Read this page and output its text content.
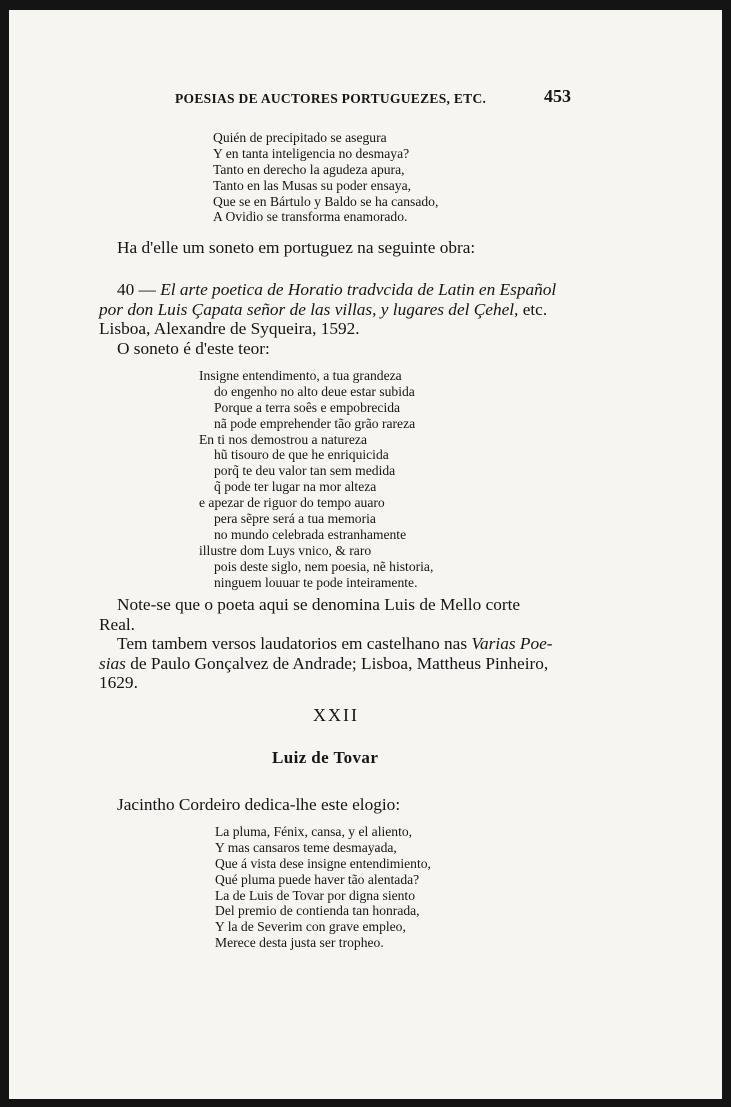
POESIAS DE AUCTORES PORTUGUEZES, ETC.	453
Quién de precipitado se asegura
Y en tanta inteligencia no desmaya?
Tanto en derecho la agudeza apura,
Tanto en las Musas su poder ensaya,
Que se en Bártulo y Baldo se ha cansado,
A Ovidio se transforma enamorado.
Ha d'elle um soneto em portuguez na seguinte obra:
40 — El arte poetica de Horatio tradvcida de Latin en Español
por don Luis Çapata señor de las villas, y lugares del Çehel, etc.
Lisboa, Alexandre de Syqueira, 1592.
O soneto é d'este teor:
Insigne entendimento, a tua grandeza
do engenho no alto deue estar subida
Porque a terra soês e empobrecida
nã pode emprehender tão grão rareza
En ti nos demostrou a natureza
hũ tisouro de que he enriquicida
porq̃ te deu valor tan sem medida
q̃ pode ter lugar na mor alteza
e apezar de riguor do tempo auaro
pera sẽpre será a tua memoria
no mundo celebrada estranhamente
illustre dom Luys vnico, & raro
pois deste siglo, nem poesia, nẽ historia,
ninguem louuar te pode inteiramente.
Note-se que o poeta aqui se denomina Luis de Mello corte
Real.
Tem tambem versos laudatorios em castelhano nas Varias Poe-
sias de Paulo Gonçalvez de Andrade; Lisboa, Mattheus Pinheiro,
1629.
XXII
Luiz de Tovar
Jacintho Cordeiro dedica-lhe este elogio:
La pluma, Fénix, cansa, y el aliento,
Y mas cansaros teme desmayada,
Que á vista dese insigne entendimiento,
Qué pluma puede haver tão alentada?
La de Luis de Tovar por digna siento
Del premio de contienda tan honrada,
Y la de Severim con grave empleo,
Merece desta justa ser tropheo.
